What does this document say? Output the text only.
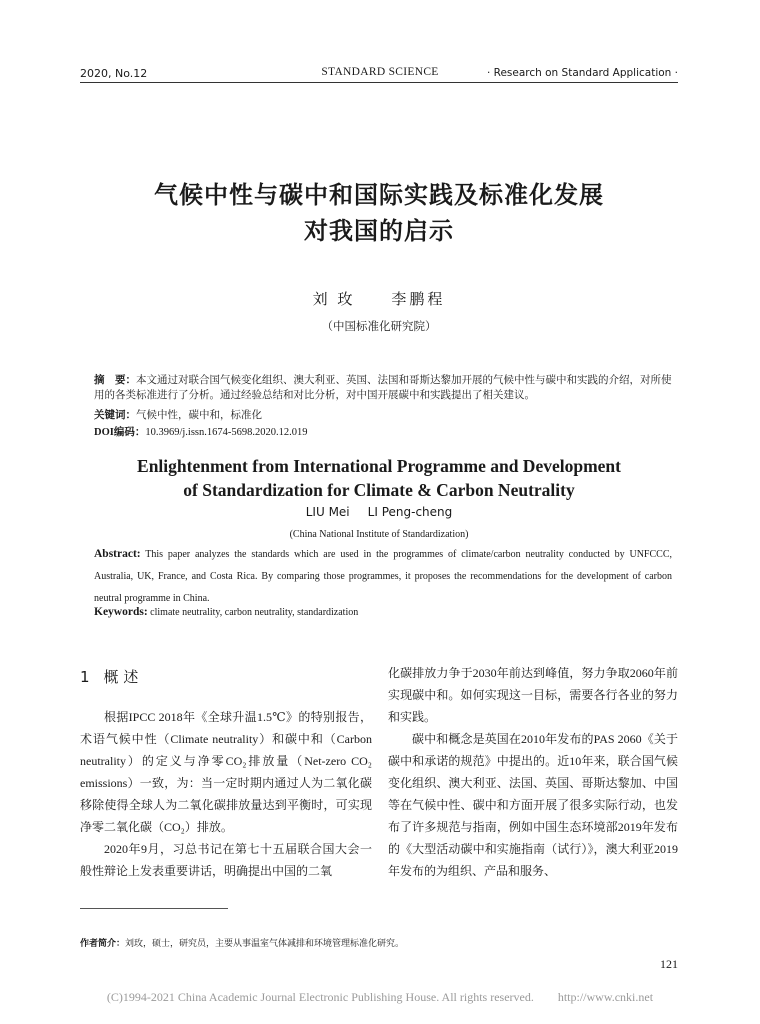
2020, No.12	STANDARD SCIENCE	· Research on Standard Application ·
气候中性与碳中和国际实践及标准化发展
对我国的启示
刘 玫 李鹏程
（中国标准化研究院）
摘　要：本文通过对联合国气候变化组织、澳大利亚、英国、法国和哥斯达黎加开展的气候中性与碳中和实践的介绍，对所使用的各类标准进行了分析。通过经验总结和对比分析，对中国开展碳中和实践提出了相关建议。
关键词：气候中性，碳中和，标准化
DOI编码：10.3969/j.issn.1674-5698.2020.12.019
Enlightenment from International Programme and Development
of Standardization for Climate & Carbon Neutrality
LIU Mei LI Peng-cheng
(China National Institute of Standardization)
Abstract: This paper analyzes the standards which are used in the programmes of climate/carbon neutrality conducted by UNFCCC, Australia, UK, France, and Costa Rica. By comparing those programmes, it proposes the recommendations for the development of carbon neutral programme in China.
Keywords: climate neutrality, carbon neutrality, standardization
1 概 述

根据IPCC 2018年《全球升温1.5℃》的特别报告，术语气候中性（Climate neutrality）和碳中和（Carbon neutrality）的定义与净零CO₂排放量（Net-zero CO₂ emissions）一致，为：当一定时期内通过人为二氧化碳移除使得全球人为二氧化碳排放量达到平衡时，可实现净零二氧化碳（CO₂）排放。

2020年9月，习总书记在第七十五届联合国大会一般性辩论上发表重要讲话，明确提出中国的二氧

化碳排放力争于2030年前达到峰值，努力争取2060年前实现碳中和。如何实现这一目标，需要各行各业的努力和实践。

碳中和概念是英国在2010年发布的PAS 2060《关于碳中和承诺的规范》中提出的。近10年来，联合国气候变化组织、澳大利亚、法国、英国、哥斯达黎加、中国等在气候中性、碳中和方面开展了很多实际行动，也发布了许多规范与指南，例如中国生态环境部2019年发布的《大型活动碳中和实施指南（试行）》，澳大利亚2019年发布的为组织、产品和服务、

作者简介：刘玫，硕士，研究员，主要从事温室气体减排和环境管理标准化研究。
121
(C)1994-2021 China Academic Journal Electronic Publishing House. All rights reserved.　　http://www.cnki.net
